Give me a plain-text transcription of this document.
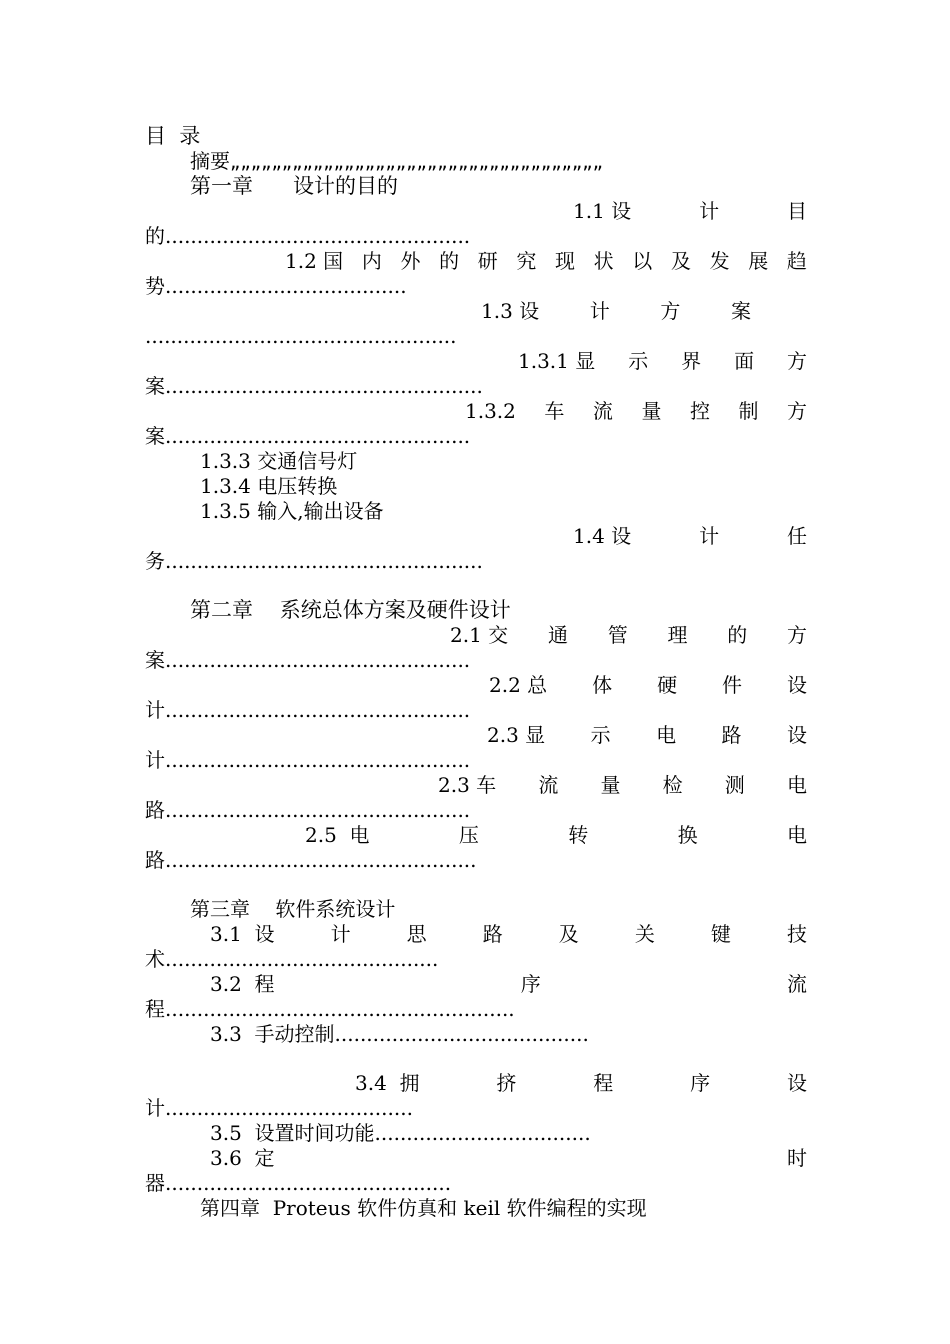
目  录
摘要„„„„„„„„„„„„„„„„„„„„„„„„„„„„„„„„„„„„
第一章      设计的目的
1.1 设	计	目
的................................................
1.2 国 内 外 的 研 究 现 状 以 及 发 展 趋
势......................................
1.3 设	计	方	案
.................................................
1.3.1 显 示 界 面 方
案..................................................
1.3.2 车 流 量 控 制 方
案................................................
1.3.3 交通信号灯
1.3.4 电压转换
1.3.5 输入,输出设备
1.4 设	计	任
务..................................................
第二章    系统总体方案及硬件设计
2.1 交 通 管 理 的 方
案................................................
2.2 总 体 硬 件 设
计................................................
2.3 显 示 电 路 设
计................................................
2.3 车 流 量 检 测 电
路................................................
2.5  电	压	转	换	电
路.................................................
第三章    软件系统设计
3.1  设	计	思	路	及	关	键	技
术...........................................
3.2  程	序	流
程.......................................................
3.3  手动控制........................................
3.4  拥	挤	程	序	设
计.......................................
3.5  设置时间功能..................................
3.6  定	时
器.............................................
第四章  Proteus 软件仿真和 keil 软件编程的实现
